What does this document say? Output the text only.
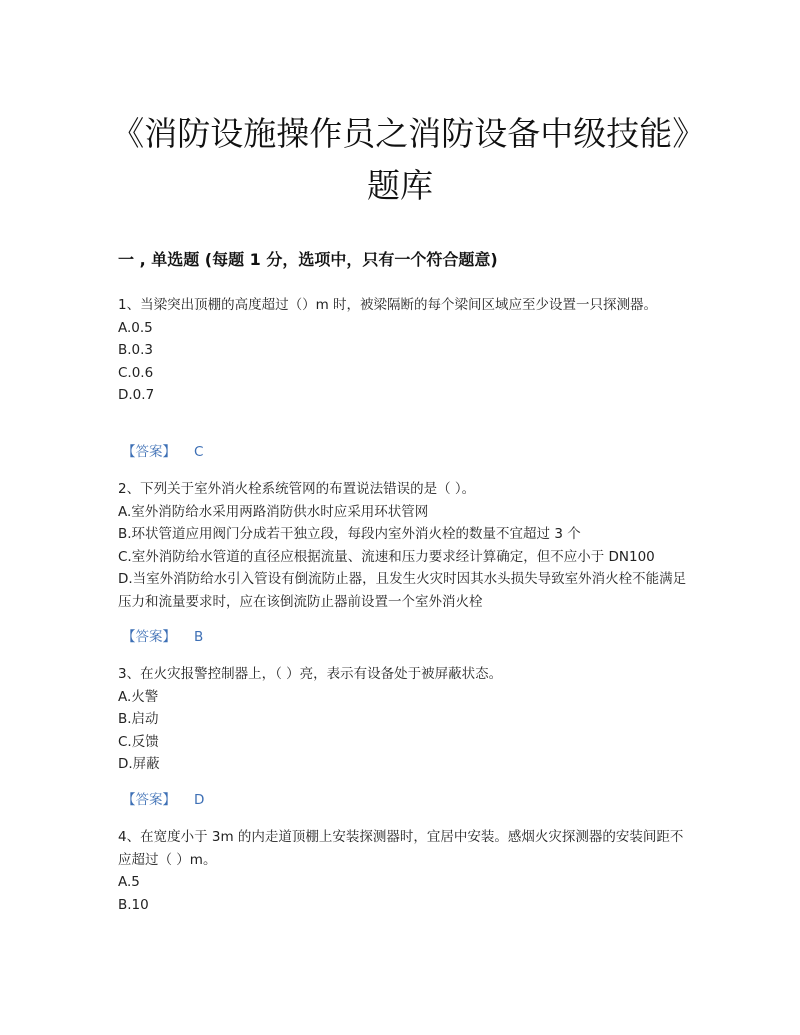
《消防设施操作员之消防设备中级技能》题库
一 , 单选题 (每题 1 分，选项中，只有一个符合题意)

1、当梁突出顶棚的高度超过（）m 时，被梁隔断的每个梁间区域应至少设置一只探测器。

A.0.5
B.0.3
C.0.6
D.0.7
【答案】 C

2、下列关于室外消火栓系统管网的布置说法错误的是（ ）。

A.室外消防给水采用两路消防供水时应采用环状管网
B.环状管道应用阀门分成若干独立段，每段内室外消火栓的数量不宜超过 3 个
C.室外消防给水管道的直径应根据流量、流速和压力要求经计算确定，但不应小于 DN100
D.当室外消防给水引入管设有倒流防止器，且发生火灾时因其水头损失导致室外消火栓不能满足压力和流量要求时，应在该倒流防止器前设置一个室外消火栓
【答案】 B

3、在火灾报警控制器上，（ ）亮，表示有设备处于被屏蔽状态。

A.火警
B.启动
C.反馈
D.屏蔽
【答案】 D

4、在宽度小于 3m 的内走道顶棚上安装探测器时，宜居中安装。感烟火灾探测器的安装间距不应超过（ ）m。

A.5
B.10
